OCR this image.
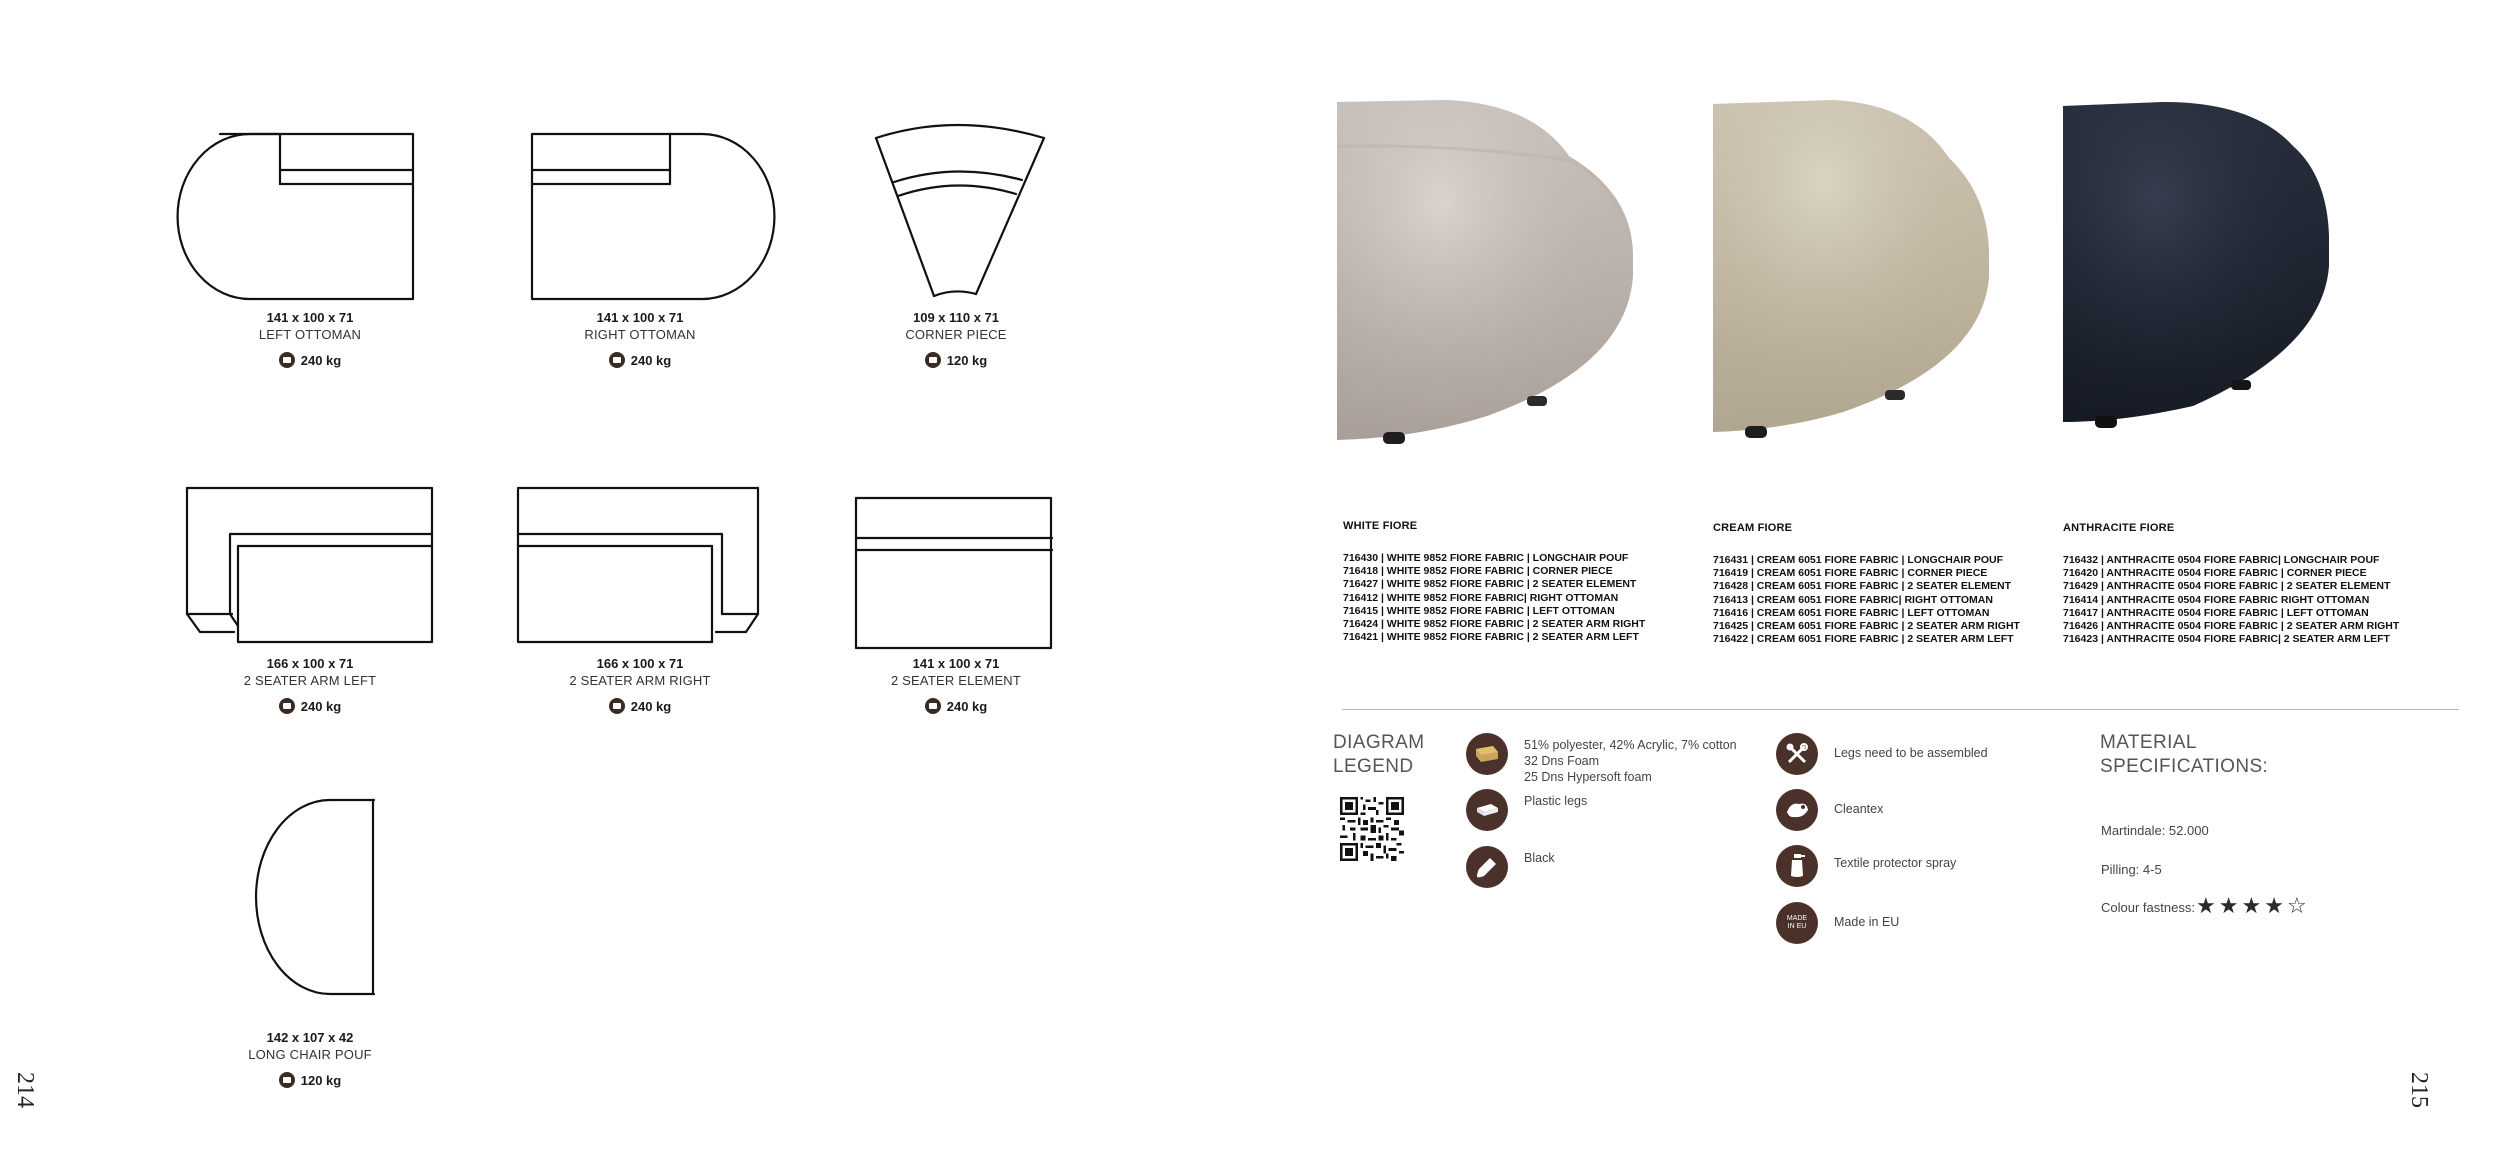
141 x 100 x 71
LEFT OTTOMAN
240 kg
141 x 100 x 71
RIGHT OTTOMAN
240 kg
109 x 110 x 71
CORNER PIECE
120 kg
166 x 100 x 71
2 SEATER ARM LEFT
240 kg
166 x 100 x 71
2 SEATER ARM RIGHT
240 kg
141 x 100 x 71
2 SEATER ELEMENT
240 kg
142 x 107 x 42
LONG CHAIR POUF
120 kg
214
WHITE FIORE
716430 | WHITE 9852 FIORE FABRIC | LONGCHAIR POUF
716418 | WHITE 9852 FIORE FABRIC | CORNER PIECE
716427 | WHITE 9852 FIORE FABRIC | 2 SEATER ELEMENT
716412 | WHITE 9852 FIORE FABRIC| RIGHT OTTOMAN
716415 | WHITE 9852 FIORE FABRIC | LEFT OTTOMAN
716424 | WHITE 9852 FIORE FABRIC | 2 SEATER ARM RIGHT
716421 | WHITE 9852 FIORE FABRIC | 2 SEATER ARM LEFT
CREAM FIORE
716431 | CREAM 6051 FIORE FABRIC | LONGCHAIR POUF
716419 | CREAM 6051 FIORE FABRIC | CORNER PIECE
716428 | CREAM 6051 FIORE FABRIC | 2 SEATER ELEMENT
716413 | CREAM 6051 FIORE FABRIC| RIGHT OTTOMAN
716416 | CREAM 6051 FIORE FABRIC | LEFT OTTOMAN
716425 | CREAM 6051 FIORE FABRIC | 2 SEATER ARM RIGHT
716422 | CREAM 6051 FIORE FABRIC | 2 SEATER ARM LEFT
ANTHRACITE FIORE
716432 | ANTHRACITE 0504 FIORE FABRIC| LONGCHAIR POUF
716420 | ANTHRACITE 0504 FIORE FABRIC | CORNER PIECE
716429 | ANTHRACITE 0504 FIORE FABRIC | 2 SEATER ELEMENT
716414 | ANTHRACITE 0504 FIORE FABRIC RIGHT OTTOMAN
716417 | ANTHRACITE 0504 FIORE FABRIC | LEFT OTTOMAN
716426 | ANTHRACITE 0504 FIORE FABRIC | 2 SEATER ARM RIGHT
716423 | ANTHRACITE 0504 FIORE FABRIC| 2 SEATER ARM LEFT
DIAGRAM
LEGEND
51% polyester, 42% Acrylic, 7% cotton
32 Dns Foam
25 Dns Hypersoft foam
Plastic legs
Black
Legs need to be assembled
Cleantex
Textile protector spray
MADE
IN EU Made in EU
MATERIAL
SPECIFICATIONS:
Martindale: 52.000
Pilling: 4-5
Colour fastness: ★ ★ ★ ★ ☆
215
